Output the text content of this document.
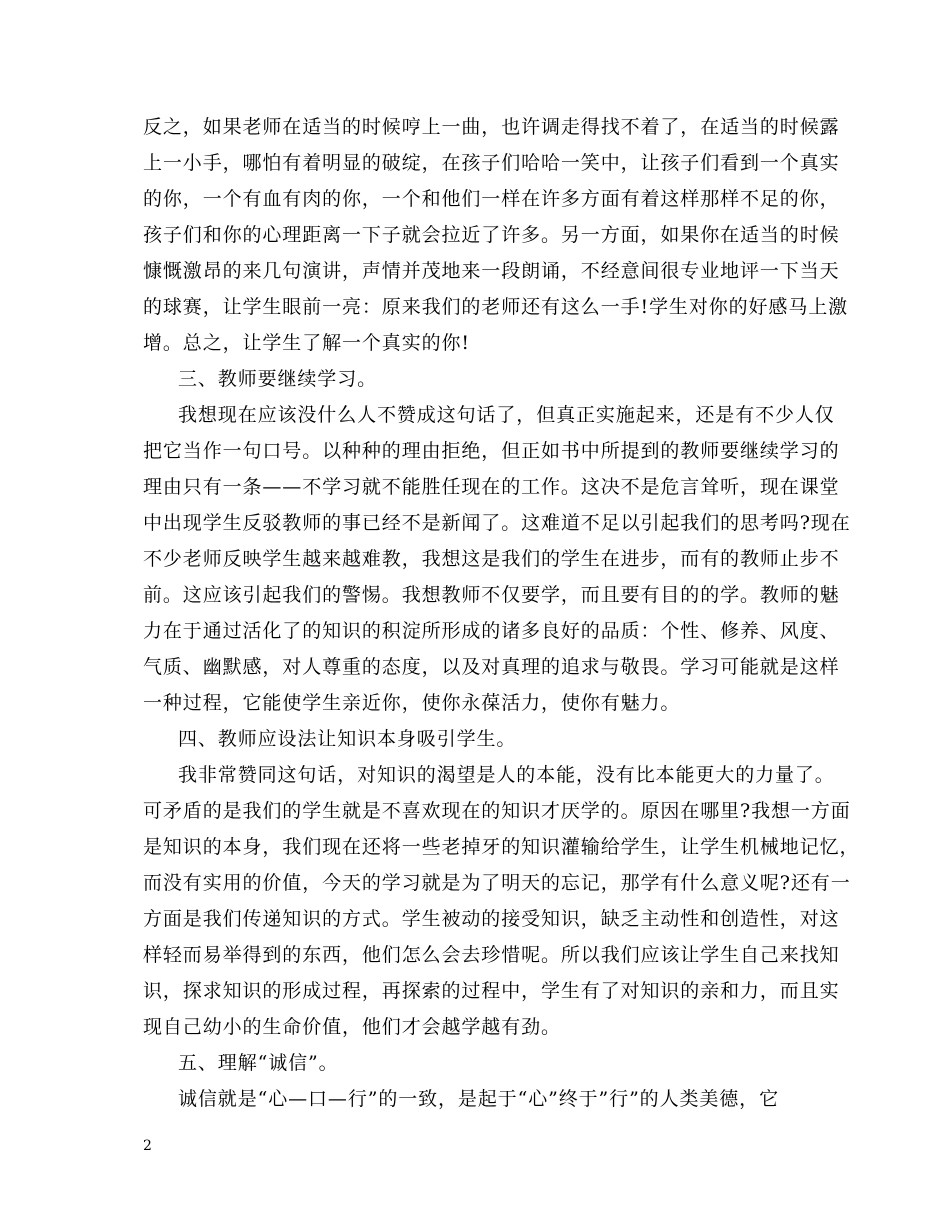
反之，如果老师在适当的时候哼上一曲，也许调走得找不着了，在适当的时候露
上一小手，哪怕有着明显的破绽，在孩子们哈哈一笑中，让孩子们看到一个真实
的你，一个有血有肉的你，一个和他们一样在许多方面有着这样那样不足的你，
孩子们和你的心理距离一下子就会拉近了许多。另一方面，如果你在适当的时候
慷慨激昂的来几句演讲，声情并茂地来一段朗诵，不经意间很专业地评一下当天
的球赛，让学生眼前一亮：原来我们的老师还有这么一手!学生对你的好感马上激
增。总之，让学生了解一个真实的你!
三、教师要继续学习。
我想现在应该没什么人不赞成这句话了，但真正实施起来，还是有不少人仅
把它当作一句口号。以种种的理由拒绝，但正如书中所提到的教师要继续学习的
理由只有一条——不学习就不能胜任现在的工作。这决不是危言耸听，现在课堂
中出现学生反驳教师的事已经不是新闻了。这难道不足以引起我们的思考吗?现在
不少老师反映学生越来越难教，我想这是我们的学生在进步，而有的教师止步不
前。这应该引起我们的警惕。我想教师不仅要学，而且要有目的的学。教师的魅
力在于通过活化了的知识的积淀所形成的诸多良好的品质：个性、修养、风度、
气质、幽默感，对人尊重的态度，以及对真理的追求与敬畏。学习可能就是这样
一种过程，它能使学生亲近你，使你永葆活力，使你有魅力。
四、教师应设法让知识本身吸引学生。
我非常赞同这句话，对知识的渴望是人的本能，没有比本能更大的力量了。
可矛盾的是我们的学生就是不喜欢现在的知识才厌学的。原因在哪里?我想一方面
是知识的本身，我们现在还将一些老掉牙的知识灌输给学生，让学生机械地记忆，
而没有实用的价值，今天的学习就是为了明天的忘记，那学有什么意义呢?还有一
方面是我们传递知识的方式。学生被动的接受知识，缺乏主动性和创造性，对这
样轻而易举得到的东西，他们怎么会去珍惜呢。所以我们应该让学生自己来找知
识，探求知识的形成过程，再探索的过程中，学生有了对知识的亲和力，而且实
现自己幼小的生命价值，他们才会越学越有劲。
五、理解“诚信”。
诚信就是“心—口—行”的一致，是起于“心”终于”行”的人类美德，它
2
